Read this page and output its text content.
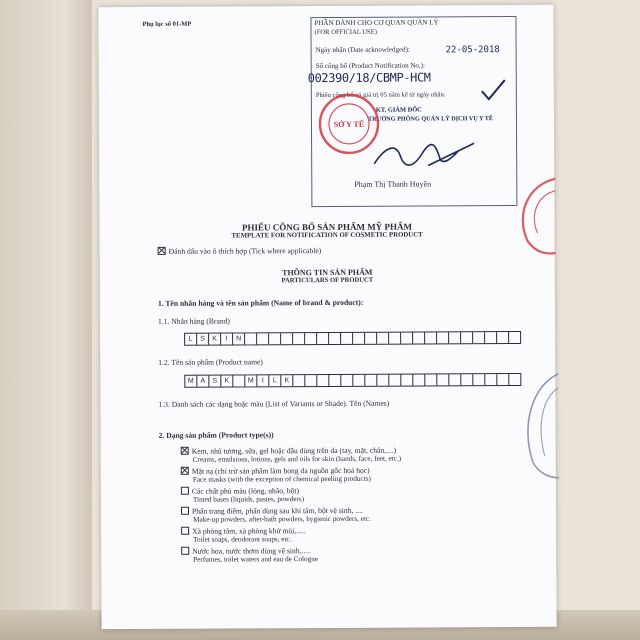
Phụ lục số 01-MP	PHẦN DÀNH CHO CƠ QUAN QUẢN LÝ
(FOR OFFICIAL USE)
Ngày nhận (Date acknowledged):	22-05-2018
Số công bố (Product Notification No.):
002390/18/CBMP-HCM
Phiếu công bố có giá trị 05 năm kể từ ngày nhận.
KT. GIÁM ĐỐC
TRƯỞNG PHÒNG QUẢN LÝ DỊCH VỤ Y TẾ
Phạm Thị Thanh Huyền
SỞ Y TẾ
PHIẾU CÔNG BỐ SẢN PHẨM MỸ PHẨM
TEMPLATE FOR NOTIFICATION OF COSMETIC PRODUCT
Đánh dấu vào ô thích hợp (Tick where applicable)
THÔNG TIN SẢN PHẨM
PARTICULARS OF PRODUCT
1. Tên nhãn hàng và tên sản phẩm (Name of brand & product):
1.1. Nhãn hàng (Brand)
L	S	K	I	N
1.2. Tên sản phẩm (Product name)
M A	S	K	M	I	L	K
1.3. Danh sách các dạng hoặc màu (List of Variants or Shade). Tên (Names)
2. Dạng sản phẩm (Product type(s))
Kem, nhũ tương, sữa, gel hoặc dầu dùng trên da (tay, mặt, chân,....)
Creams, emulsions, lotions, gels and oils for skin (hands, face, feet, etc.)
Mặt nạ (chỉ trừ sản phẩm làm bong da nguồn gốc hoá học)
Face masks (with the exception of chemical peeling products)
Các chất phủ màu (lỏng, nhão, bột)
Tinted bases (liquids, pastes, powders)
Phấn trang điểm, phấn dùng sau khi tắm, bột vệ sinh, ....
Make-up powders, after-bath powders, hygienic powders, etc.
Xà phòng tắm, xà phòng khử mùi,.....
Toilet soaps, deodorant soaps, etc.
Nước hoa, nước thơm dùng vệ sinh,.....
Perfumes, toilet waters and eau de Cologne
